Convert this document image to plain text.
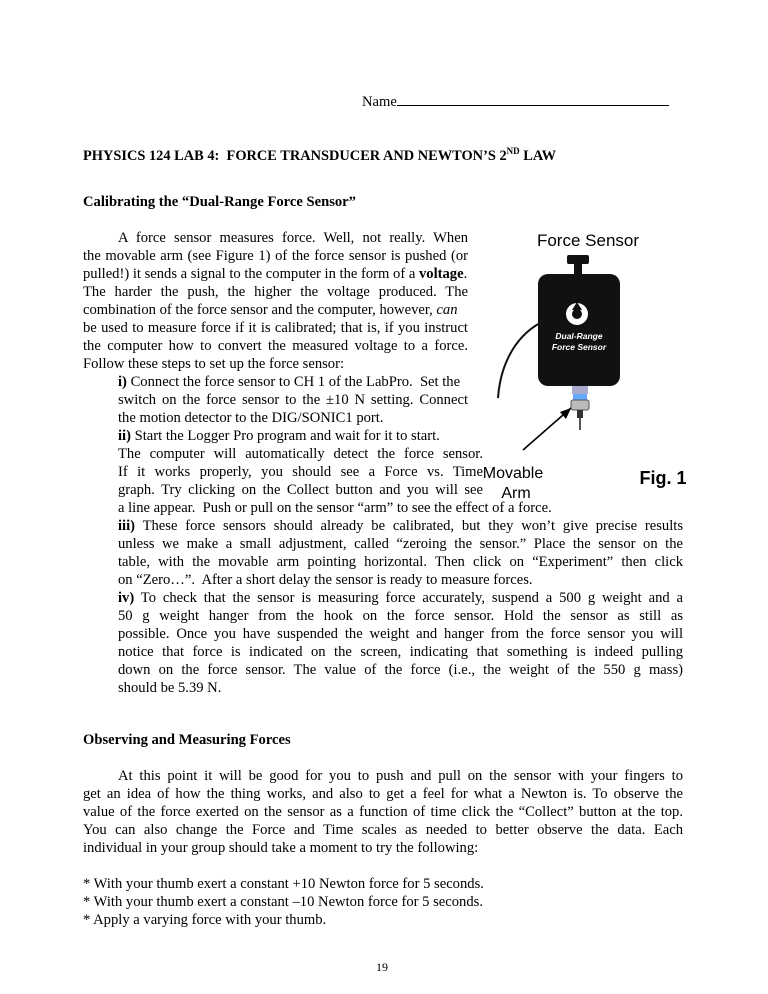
Name
PHYSICS 124 LAB 4:  FORCE TRANSDUCER AND NEWTON’S 2ND LAW
Calibrating the “Dual-Range Force Sensor”
A force sensor measures force. Well, not really. When
the movable arm (see Figure 1) of the force sensor is pushed (or
pulled!) it sends a signal to the computer in the form of a voltage.
The harder the push, the higher the voltage produced. The
combination of the force sensor and the computer, however, can
be used to measure force if it is calibrated; that is, if you instruct
the computer how to convert the measured voltage to a force.
Follow these steps to set up the force sensor:
i) Connect the force sensor to CH 1 of the LabPro.  Set the
switch on the force sensor to the ±10 N setting. Connect
the motion detector to the DIG/SONIC1 port.
ii) Start the Logger Pro program and wait for it to start.
The computer will automatically detect the force sensor.
If it works properly, you should see a Force vs. Time
graph. Try clicking on the Collect button and you will see
a line appear.  Push or pull on the sensor “arm” to see the effect of a force.
iii) These force sensors should already be calibrated, but they won’t give precise results
unless we make a small adjustment, called “zeroing the sensor.” Place the sensor on the
table, with the movable arm pointing horizontal. Then click on “Experiment” then click
on “Zero…”.  After a short delay the sensor is ready to measure forces.
iv) To check that the sensor is measuring force accurately, suspend a 500 g weight and a
50 g weight hanger from the hook on the force sensor. Hold the sensor as still as
possible. Once you have suspended the weight and hanger from the force sensor you will
notice that force is indicated on the screen, indicating that something is indeed pulling
down on the force sensor. The value of the force (i.e., the weight of the 550 g mass)
should be 5.39 N.
Force Sensor
Dual-Range
Force Sensor
Movable
Arm
Fig. 1
Observing and Measuring Forces
At this point it will be good for you to push and pull on the sensor with your fingers to
get an idea of how the thing works, and also to get a feel for what a Newton is. To observe the
value of the force exerted on the sensor as a function of time click the “Collect” button at the top.
You can also change the Force and Time scales as needed to better observe the data. Each
individual in your group should take a moment to try the following:
* With your thumb exert a constant +10 Newton force for 5 seconds.
* With your thumb exert a constant –10 Newton force for 5 seconds.
* Apply a varying force with your thumb.
19
